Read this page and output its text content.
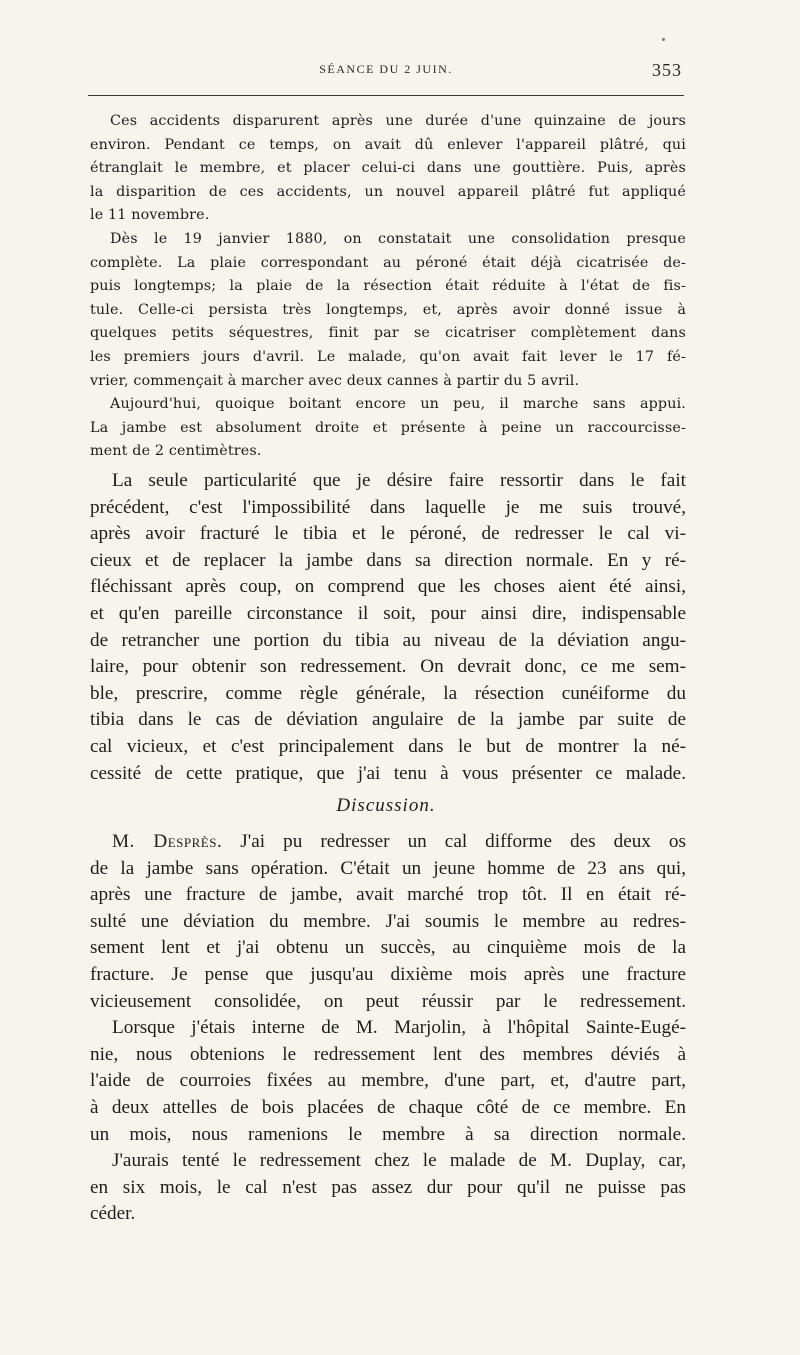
SÉANCE DU 2 JUIN.	353

Ces accidents disparurent après une durée d'une quinzaine de jours
environ. Pendant ce temps, on avait dû enlever l'appareil plâtré, qui
étranglait le membre, et placer celui-ci dans une gouttière. Puis, après
la disparition de ces accidents, un nouvel appareil plâtré fut appliqué
le 11 novembre.

Dès le 19 janvier 1880, on constatait une consolidation presque
complète. La plaie correspondant au péroné était déjà cicatrisée de-
puis longtemps; la plaie de la résection était réduite à l'état de fis-
tule. Celle-ci persista très longtemps, et, après avoir donné issue à
quelques petits séquestres, finit par se cicatriser complètement dans
les premiers jours d'avril. Le malade, qu'on avait fait lever le 17 fé-
vrier, commençait à marcher avec deux cannes à partir du 5 avril.

Aujourd'hui, quoique boitant encore un peu, il marche sans appui.
La jambe est absolument droite et présente à peine un raccourcisse-
ment de 2 centimètres.

La seule particularité que je désire faire ressortir dans le fait
précédent, c'est l'impossibilité dans laquelle je me suis trouvé,
après avoir fracturé le tibia et le péroné, de redresser le cal vi-
cieux et de replacer la jambe dans sa direction normale. En y ré-
fléchissant après coup, on comprend que les choses aient été ainsi,
et qu'en pareille circonstance il soit, pour ainsi dire, indispensable
de retrancher une portion du tibia au niveau de la déviation angu-
laire, pour obtenir son redressement. On devrait donc, ce me sem-
ble, prescrire, comme règle générale, la résection cunéiforme du
tibia dans le cas de déviation angulaire de la jambe par suite de
cal vicieux, et c'est principalement dans le but de montrer la né-
cessité de cette pratique, que j'ai tenu à vous présenter ce malade.

Discussion.

M. Desprès. J'ai pu redresser un cal difforme des deux os
de la jambe sans opération. C'était un jeune homme de 23 ans qui,
après une fracture de jambe, avait marché trop tôt. Il en était ré-
sulté une déviation du membre. J'ai soumis le membre au redres-
sement lent et j'ai obtenu un succès, au cinquième mois de la
fracture. Je pense que jusqu'au dixième mois après une fracture
vicieusement consolidée, on peut réussir par le redressement.

Lorsque j'étais interne de M. Marjolin, à l'hôpital Sainte-Eugé-
nie, nous obtenions le redressement lent des membres déviés à
l'aide de courroies fixées au membre, d'une part, et, d'autre part,
à deux attelles de bois placées de chaque côté de ce membre. En
un mois, nous ramenions le membre à sa direction normale.

J'aurais tenté le redressement chez le malade de M. Duplay, car,
en six mois, le cal n'est pas assez dur pour qu'il ne puisse pas
céder.
